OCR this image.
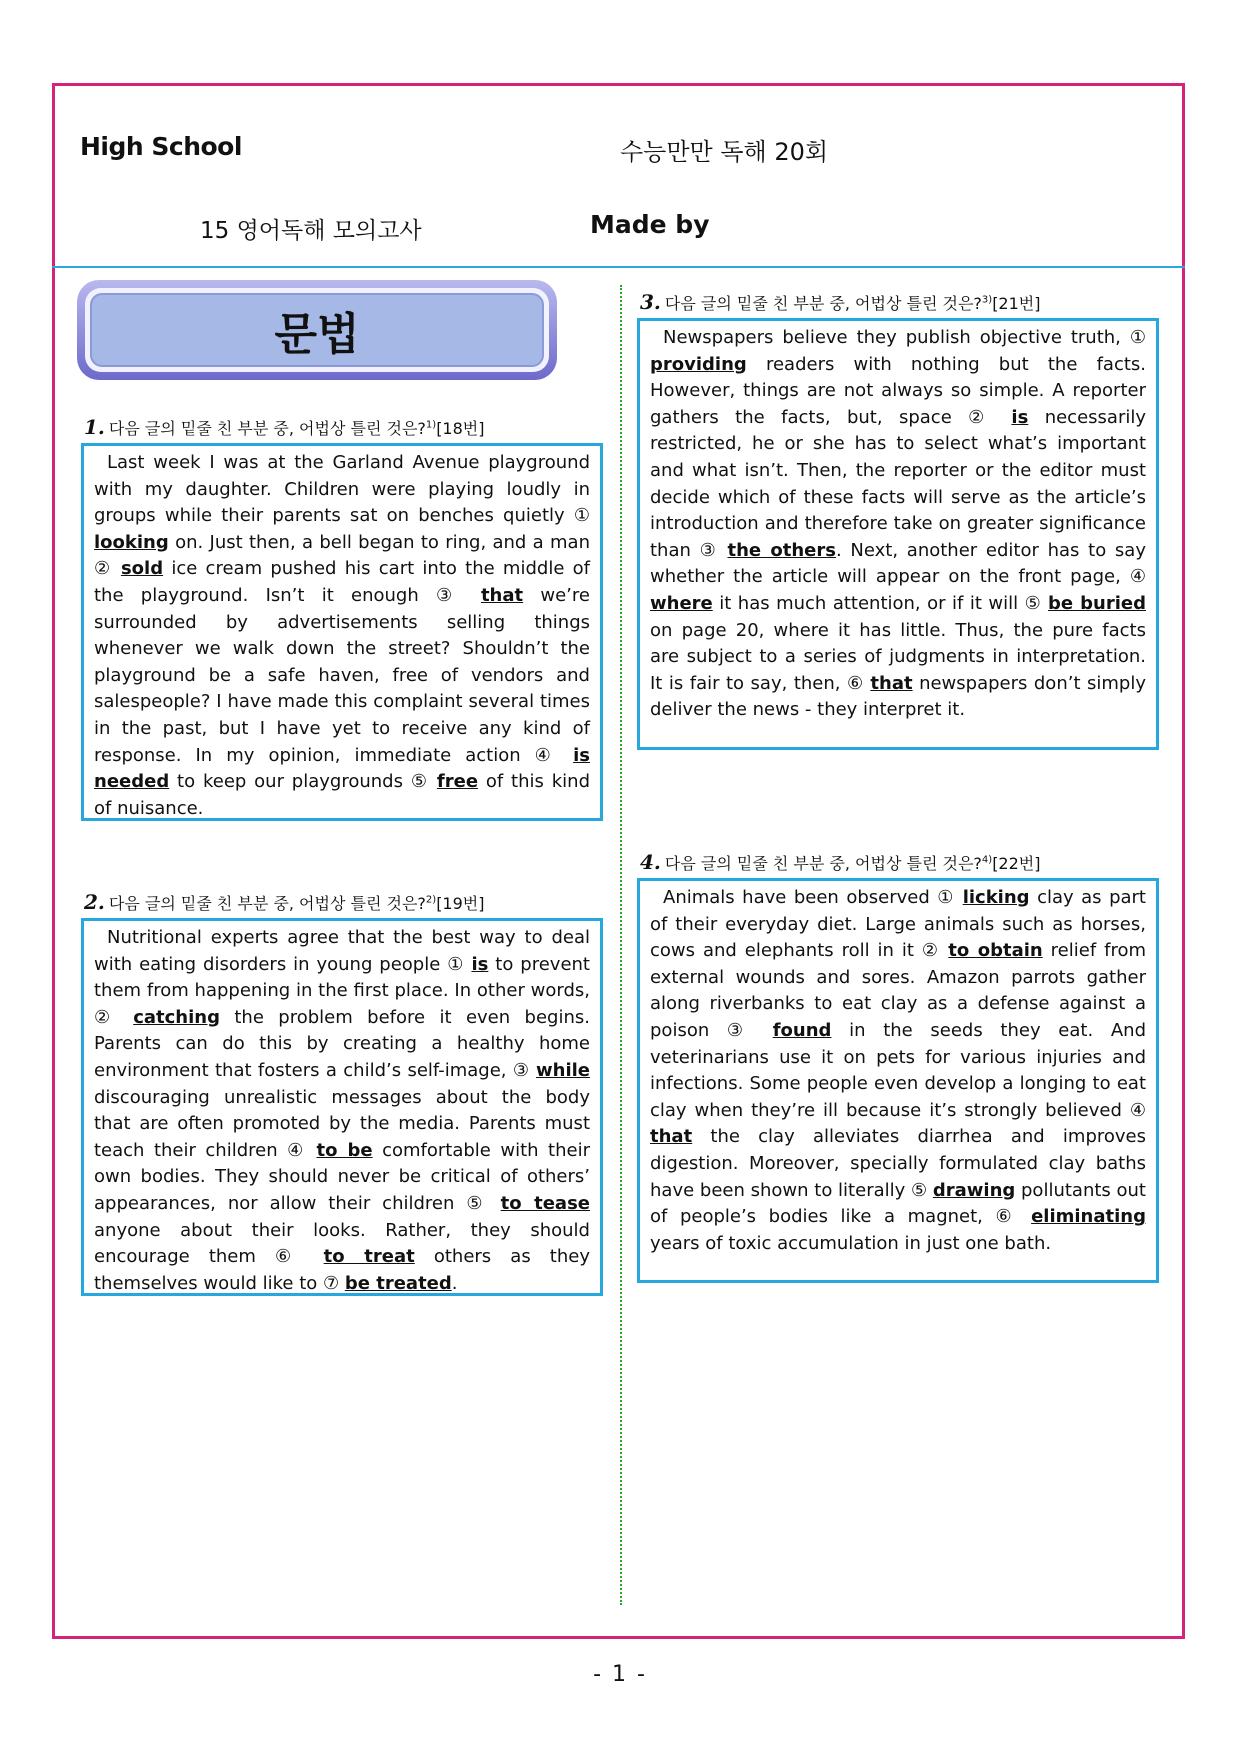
High School	수능만만 독해 20회
15 영어독해 모의고사	Made by
문법
1. 다음 글의 밑줄 친 부분 중, 어법상 틀린 것은?$^{1)}$[18번]

Last week I was at the Garland Avenue playground with my daughter. Children were playing loudly in groups while their parents sat on benches quietly ① looking on. Just then, a bell began to ring, and a man ② sold ice cream pushed his cart into the middle of the playground. Isn’t it enough ③ that we’re surrounded by advertisements selling things whenever we walk down the street? Shouldn’t the playground be a safe haven, free of vendors and salespeople? I have made this complaint several times in the past, but I have yet to receive any kind of response. In my opinion, immediate action ④ is needed to keep our playgrounds ⑤ free of this kind of nuisance.

2. 다음 글의 밑줄 친 부분 중, 어법상 틀린 것은?$^{2)}$[19번]

Nutritional experts agree that the best way to deal with eating disorders in young people ① is to prevent them from happening in the first place. In other words, ② catching the problem before it even begins. Parents can do this by creating a healthy home environment that fosters a child’s self-image, ③ while discouraging unrealistic messages about the body that are often promoted by the media. Parents must teach their children ④ to be comfortable with their own bodies. They should never be critical of others’ appearances, nor allow their children ⑤ to tease anyone about their looks. Rather, they should encourage them ⑥ to treat others as they themselves would like to ⑦ be treated.

3. 다음 글의 밑줄 친 부분 중, 어법상 틀린 것은?$^{3)}$[21번]

Newspapers believe they publish objective truth, ① providing readers with nothing but the facts. However, things are not always so simple. A reporter gathers the facts, but, space ② is necessarily restricted, he or she has to select what’s important and what isn’t. Then, the reporter or the editor must decide which of these facts will serve as the article’s introduction and therefore take on greater significance than ③ the others. Next, another editor has to say whether the article will appear on the front page, ④ where it has much attention, or if it will ⑤ be buried on page 20, where it has little. Thus, the pure facts are subject to a series of judgments in interpretation. It is fair to say, then, ⑥ that newspapers don’t simply deliver the news - they interpret it.

4. 다음 글의 밑줄 친 부분 중, 어법상 틀린 것은?$^{4)}$[22번]

Animals have been observed ① licking clay as part of their everyday diet. Large animals such as horses, cows and elephants roll in it ② to obtain relief from external wounds and sores. Amazon parrots gather along riverbanks to eat clay as a defense against a poison ③ found in the seeds they eat. And veterinarians use it on pets for various injuries and infections. Some people even develop a longing to eat clay when they’re ill because it’s strongly believed ④ that the clay alleviates diarrhea and improves digestion. Moreover, specially formulated clay baths have been shown to literally ⑤ drawing pollutants out of people’s bodies like a magnet, ⑥ eliminating years of toxic accumulation in just one bath.

- 1 -
